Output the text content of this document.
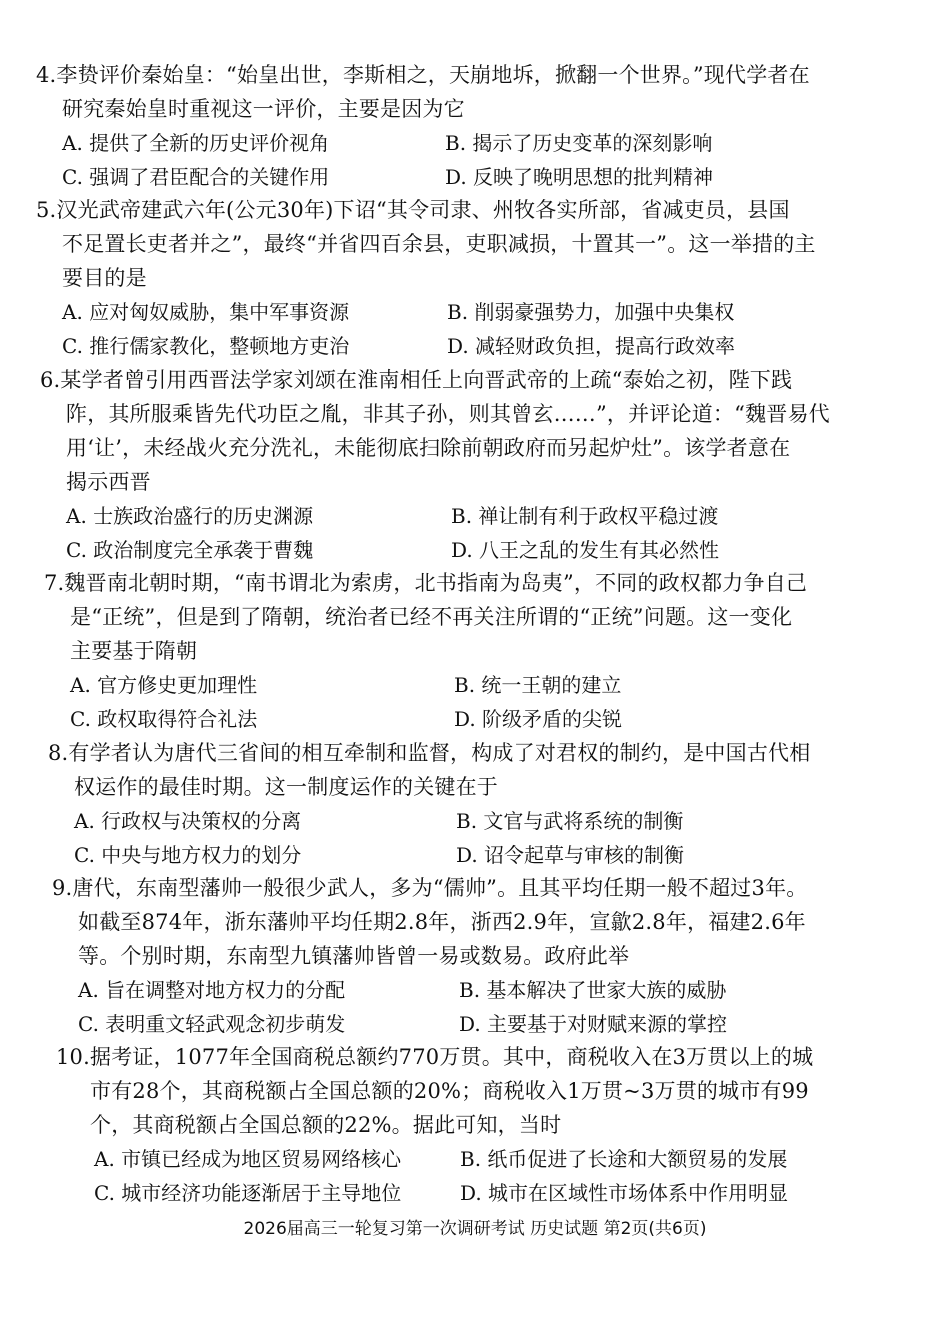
4.李贽评价秦始皇：“始皇出世，李斯相之，天崩地坼，掀翻一个世界。”现代学者在
研究秦始皇时重视这一评价，主要是因为它
A. 提供了全新的历史评价视角	B. 揭示了历史变革的深刻影响
C. 强调了君臣配合的关键作用	D. 反映了晚明思想的批判精神
5.汉光武帝建武六年(公元30年)下诏“其令司隶、州牧各实所部，省减吏员，县国
不足置长吏者并之”，最终“并省四百余县，吏职减损，十置其一”。这一举措的主
要目的是
A. 应对匈奴威胁，集中军事资源	B. 削弱豪强势力，加强中央集权
C. 推行儒家教化，整顿地方吏治	D. 减轻财政负担，提高行政效率
6.某学者曾引用西晋法学家刘颂在淮南相任上向晋武帝的上疏“泰始之初，陛下践
阼，其所服乘皆先代功臣之胤，非其子孙，则其曾玄……”，并评论道：“魏晋易代
用‘让’，未经战火充分洗礼，未能彻底扫除前朝政府而另起炉灶”。该学者意在
揭示西晋
A. 士族政治盛行的历史渊源	B. 禅让制有利于政权平稳过渡
C. 政治制度完全承袭于曹魏	D. 八王之乱的发生有其必然性
7.魏晋南北朝时期，“南书谓北为索虏，北书指南为岛夷”，不同的政权都力争自己
是“正统”，但是到了隋朝，统治者已经不再关注所谓的“正统”问题。这一变化
主要基于隋朝
A. 官方修史更加理性	B. 统一王朝的建立
C. 政权取得符合礼法	D. 阶级矛盾的尖锐
8.有学者认为唐代三省间的相互牵制和监督，构成了对君权的制约，是中国古代相
权运作的最佳时期。这一制度运作的关键在于
A. 行政权与决策权的分离	B. 文官与武将系统的制衡
C. 中央与地方权力的划分	D. 诏令起草与审核的制衡
9.唐代，东南型藩帅一般很少武人，多为“儒帅”。且其平均任期一般不超过3年。
如截至874年，浙东藩帅平均任期2.8年，浙西2.9年，宣歙2.8年，福建2.6年
等。个别时期，东南型九镇藩帅皆曾一易或数易。政府此举
A. 旨在调整对地方权力的分配	B. 基本解决了世家大族的威胁
C. 表明重文轻武观念初步萌发	D. 主要基于对财赋来源的掌控
10.据考证，1077年全国商税总额约770万贯。其中，商税收入在3万贯以上的城
市有28个，其商税额占全国总额的20%；商税收入1万贯~3万贯的城市有99
个，其商税额占全国总额的22%。据此可知，当时
A. 市镇已经成为地区贸易网络核心	B. 纸币促进了长途和大额贸易的发展
C. 城市经济功能逐渐居于主导地位	D. 城市在区域性市场体系中作用明显
2026届高三一轮复习第一次调研考试 历史试题 第2页(共6页)
